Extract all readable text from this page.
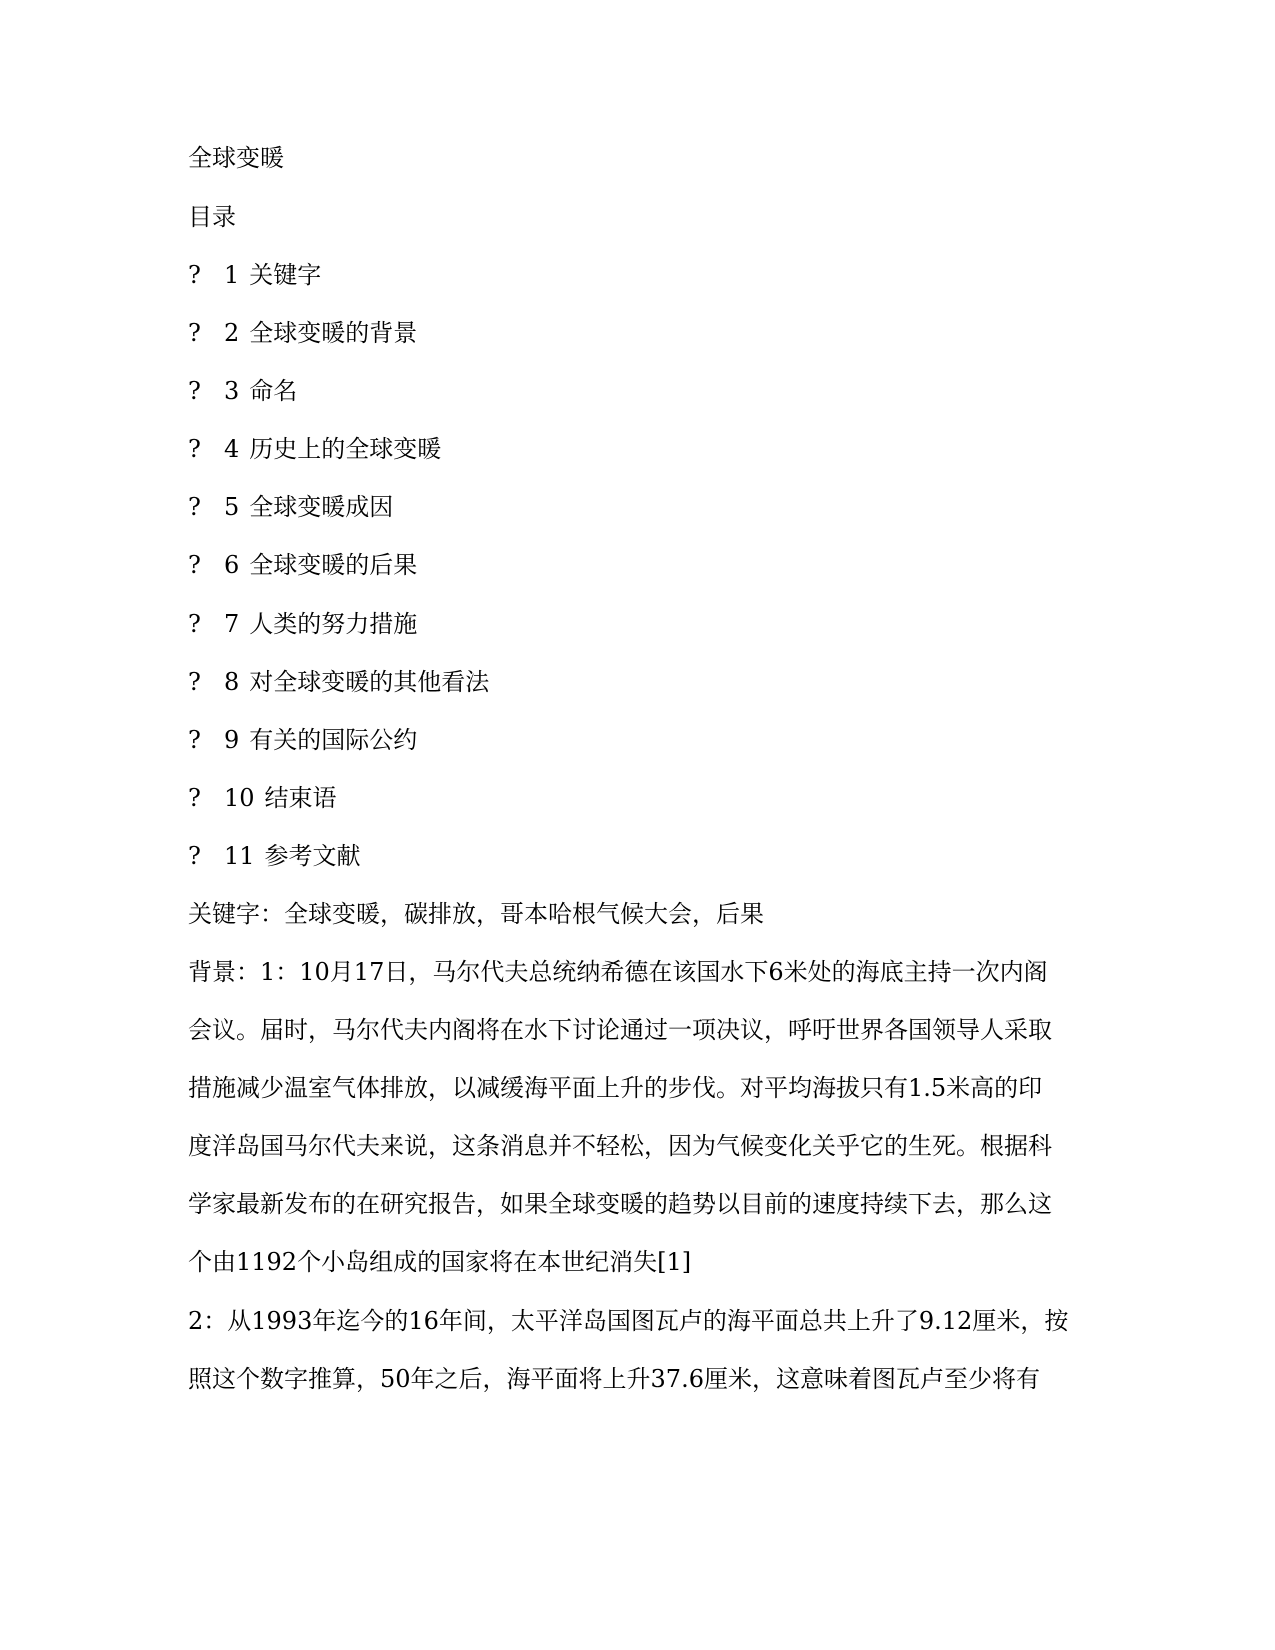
全球变暖
目录
? 1 关键字
? 2 全球变暖的背景
? 3 命名
? 4 历史上的全球变暖
? 5 全球变暖成因
? 6 全球变暖的后果
? 7 人类的努力措施
? 8 对全球变暖的其他看法
? 9 有关的国际公约
? 10 结束语
? 11 参考文献
关键字：全球变暖，碳排放，哥本哈根气候大会，后果
背景：1：10月17日，马尔代夫总统纳希德在该国水下6米处的海底主持一次内阁
会议。届时，马尔代夫内阁将在水下讨论通过一项决议，呼吁世界各国领导人采取
措施减少温室气体排放，以减缓海平面上升的步伐。对平均海拔只有1.5米高的印
度洋岛国马尔代夫来说，这条消息并不轻松，因为气候变化关乎它的生死。根据科
学家最新发布的在研究报告，如果全球变暖的趋势以目前的速度持续下去，那么这
个由1192个小岛组成的国家将在本世纪消失[1]
2：从1993年迄今的16年间，太平洋岛国图瓦卢的海平面总共上升了9.12厘米，按
照这个数字推算，50年之后，海平面将上升37.6厘米，这意味着图瓦卢至少将有
